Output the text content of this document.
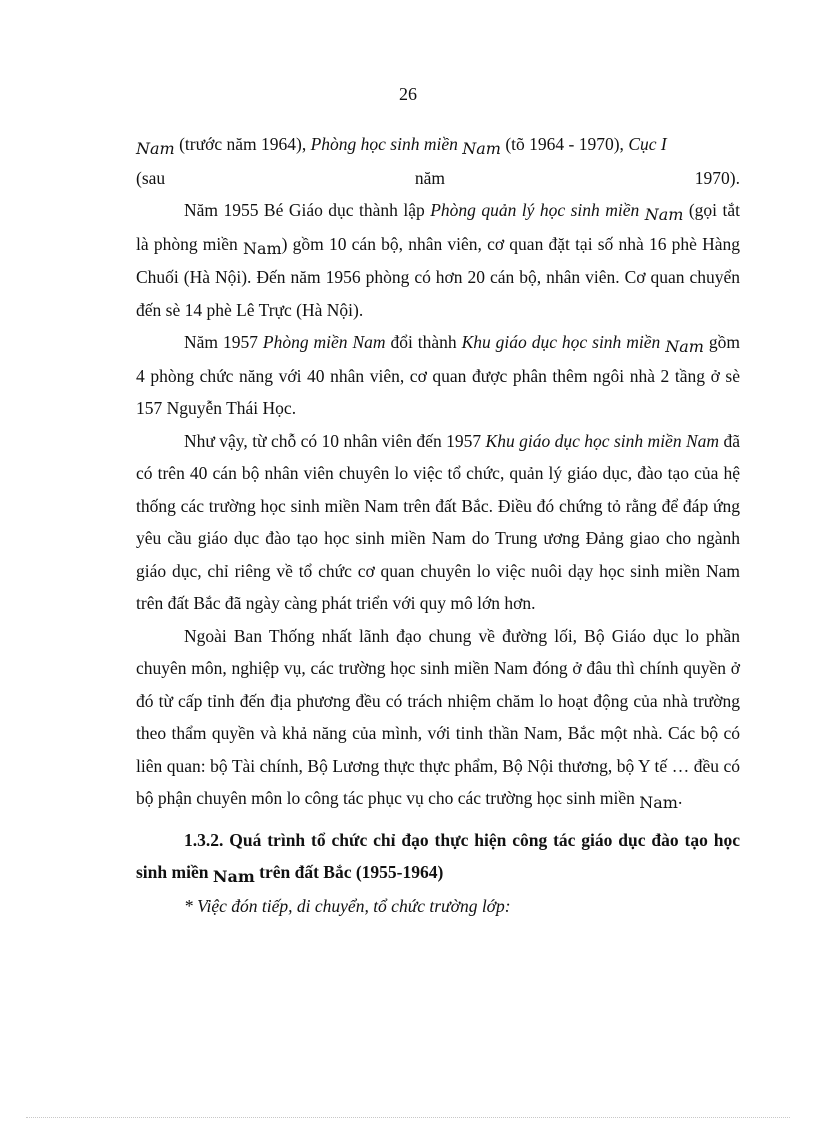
26
Nam (trước năm 1964), Phòng học sinh miền Nam (tõ 1964 - 1970), Cục I
(sau	năm	1970).

Năm 1955 Bé Giáo dục thành lập Phòng quản lý học sinh miền Nam (gọi tắt là phòng miền Nam) gồm 10 cán bộ, nhân viên, cơ quan đặt tại số nhà 16 phè Hàng Chuối (Hà Nội). Đến năm 1956 phòng có hơn 20 cán bộ, nhân viên. Cơ quan chuyển đến sè 14 phè Lê Trực (Hà Nội).

Năm 1957 Phòng miền Nam đổi thành Khu giáo dục học sinh miền Nam gồm 4 phòng chức năng với 40 nhân viên, cơ quan được phân thêm ngôi nhà 2 tầng ở sè 157 Nguyễn Thái Học.

Như vậy, từ chỗ có 10 nhân viên đến 1957 Khu giáo dục học sinh miền Nam đã có trên 40 cán bộ nhân viên chuyên lo việc tổ chức, quản lý giáo dục, đào tạo của hệ thống các trường học sinh miền Nam trên đất Bắc. Điều đó chứng tỏ rằng để đáp ứng yêu cầu giáo dục đào tạo học sinh miền Nam do Trung ương Đảng giao cho ngành giáo dục, chỉ riêng về tổ chức cơ quan chuyên lo việc nuôi dạy học sinh miền Nam trên đất Bắc đã ngày càng phát triển với quy mô lớn hơn.

Ngoài Ban Thống nhất lãnh đạo chung về đường lối, Bộ Giáo dục lo phần chuyên môn, nghiệp vụ, các trường học sinh miền Nam đóng ở đâu thì chính quyền ở đó từ cấp tỉnh đến địa phương đều có trách nhiệm chăm lo hoạt động của nhà trường theo thẩm quyền và khả năng của mình, với tinh thần Nam, Bắc một nhà. Các bộ có liên quan: bộ Tài chính, Bộ Lương thực thực phẩm, Bộ Nội thương, bộ Y tế … đều có bộ phận chuyên môn lo công tác phục vụ cho các trường học sinh miền Nam.

1.3.2. Quá trình tổ chức chỉ đạo thực hiện công tác giáo dục đào tạo học sinh miền Nam trên đất Bắc (1955-1964)

* Việc đón tiếp, di chuyển, tổ chức trường lớp:
